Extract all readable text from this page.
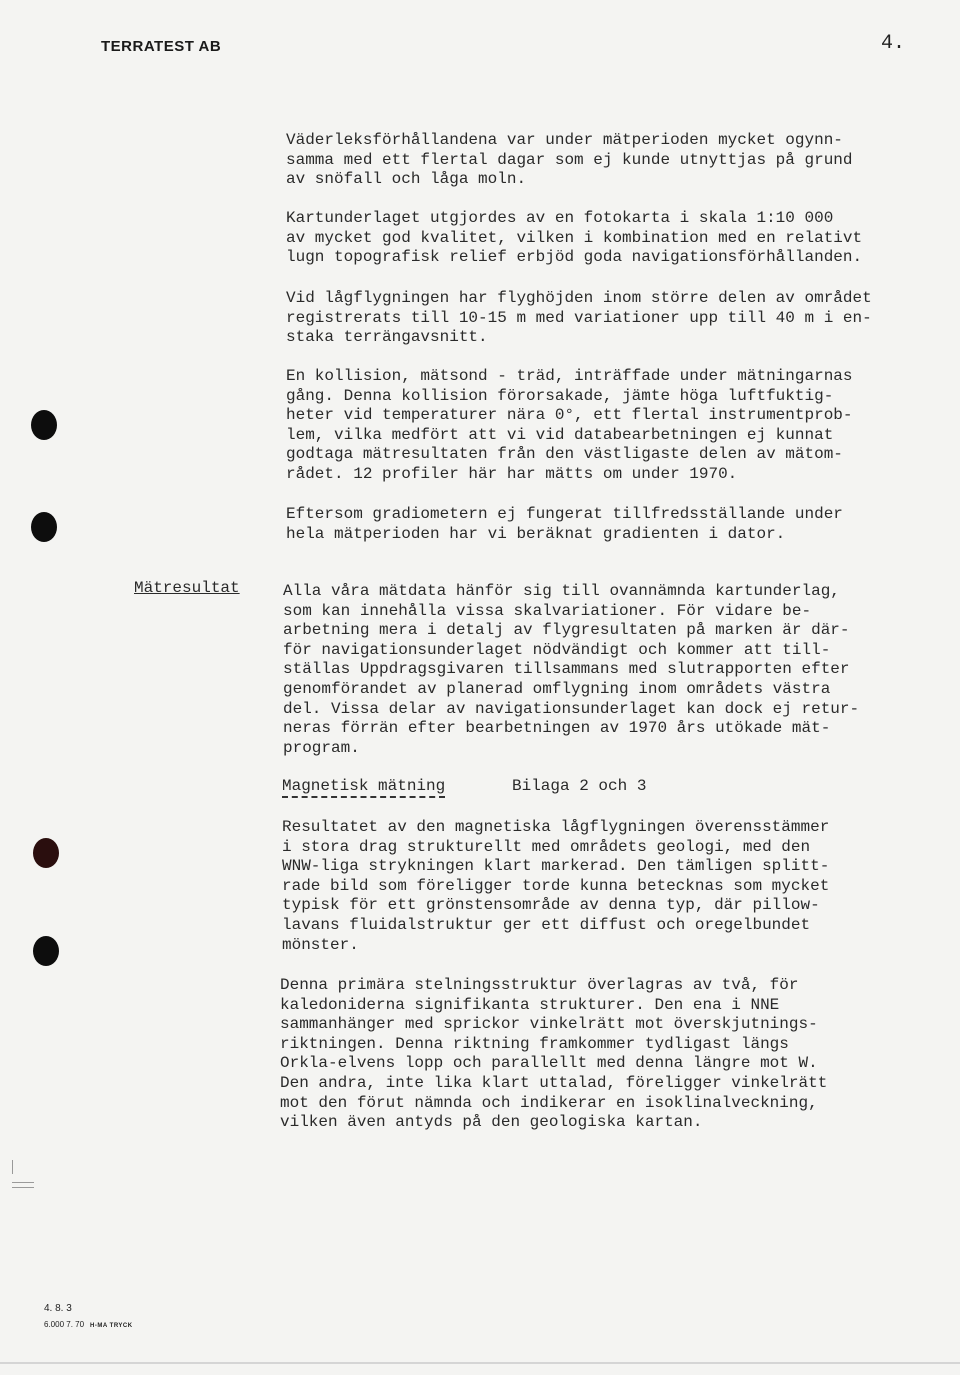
TERRATEST AB	4.

Väderleksförhållandena var under mätperioden mycket ogynn-
samma med ett flertal dagar som ej kunde utnyttjas på grund
av snöfall och låga moln.

Kartunderlaget utgjordes av en fotokarta i skala 1:10 000
av mycket god kvalitet, vilken i kombination med en relativt
lugn topografisk relief erbjöd goda navigationsförhållanden.

Vid lågflygningen har flyghöjden inom större delen av området
registrerats till 10-15 m med variationer upp till 40 m i en-
staka terrängavsnitt.

En kollision, mätsond - träd, inträffade under mätningarnas
gång. Denna kollision förorsakade, jämte höga luftfuktig-
heter vid temperaturer nära 0°, ett flertal instrumentprob-
lem, vilka medfört att vi vid databearbetningen ej kunnat
godtaga mätresultaten från den västligaste delen av mätom-
rådet. 12 profiler här har mätts om under 1970.

Eftersom gradiometern ej fungerat tillfredsställande under
hela mätperioden har vi beräknat gradienten i dator.

Mätresultat	Alla våra mätdata hänför sig till ovannämnda kartunderlag,
som kan innehålla vissa skalvariationer. För vidare be-
arbetning mera i detalj av flygresultaten på marken är där-
för navigationsunderlaget nödvändigt och kommer att till-
ställas Uppdragsgivaren tillsammans med slutrapporten efter
genomförandet av planerad omflygning inom områdets västra
del. Vissa delar av navigationsunderlaget kan dock ej retur-
neras förrän efter bearbetningen av 1970 års utökade mät-
program.

Magnetisk mätning	Bilaga 2 och 3

Resultatet av den magnetiska lågflygningen överensstämmer
i stora drag strukturellt med områdets geologi, med den
WNW-liga strykningen klart markerad. Den tämligen splitt-
rade bild som föreligger torde kunna betecknas som mycket
typisk för ett grönstensområde av denna typ, där pillow-
lavans fluidalstruktur ger ett diffust och oregelbundet
mönster.

Denna primära stelningsstruktur överlagras av två, för
kaledoniderna signifikanta strukturer. Den ena i NNE
sammanhänger med sprickor vinkelrätt mot överskjutnings-
riktningen. Denna riktning framkommer tydligast längs
Orkla-elvens lopp och parallellt med denna längre mot W.
Den andra, inte lika klart uttalad, föreligger vinkelrätt
mot den förut nämnda och indikerar en isoklinalveckning,
vilken även antyds på den geologiska kartan.

4. 8. 3
6.000 7. 70 H-MA TRYCK
